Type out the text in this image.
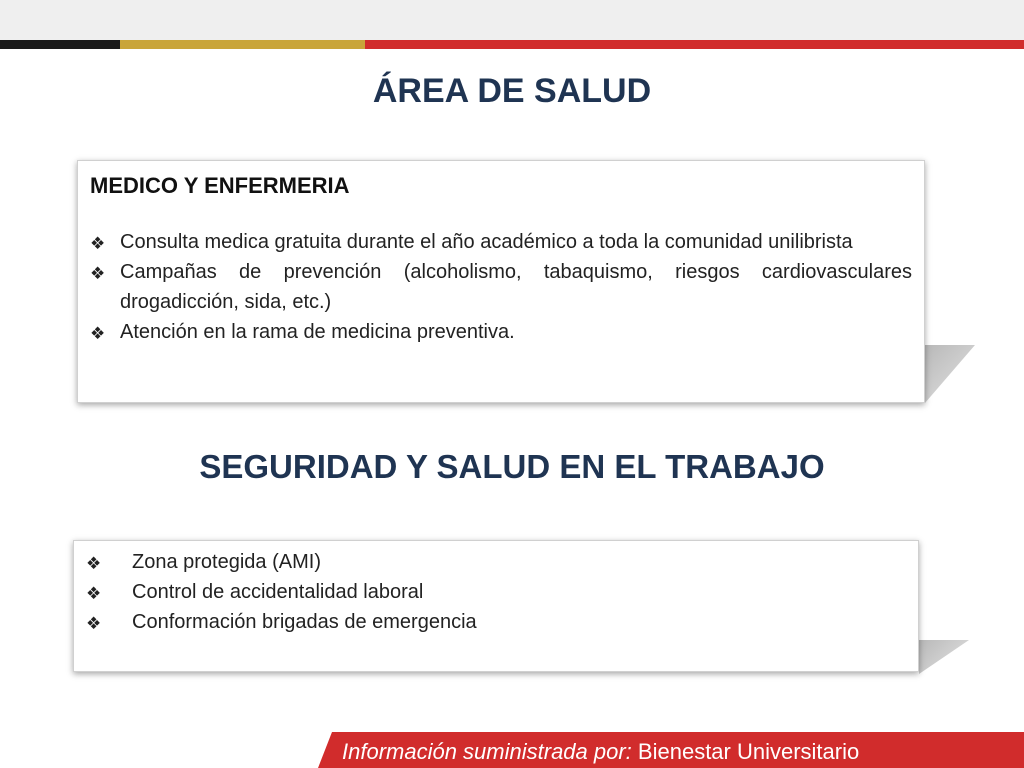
ÁREA DE SALUD
MEDICO Y ENFERMERIA
❖ Consulta medica gratuita durante el año académico a toda la comunidad unilibrista
❖ Campañas de prevención (alcoholismo, tabaquismo, riesgos cardiovasculares drogadicción, sida, etc.)
❖ Atención en la rama de medicina preventiva.
SEGURIDAD Y SALUD EN EL TRABAJO
❖ Zona protegida (AMI)
❖ Control de accidentalidad laboral
❖ Conformación brigadas de emergencia
Información suministrada por: Bienestar Universitario
